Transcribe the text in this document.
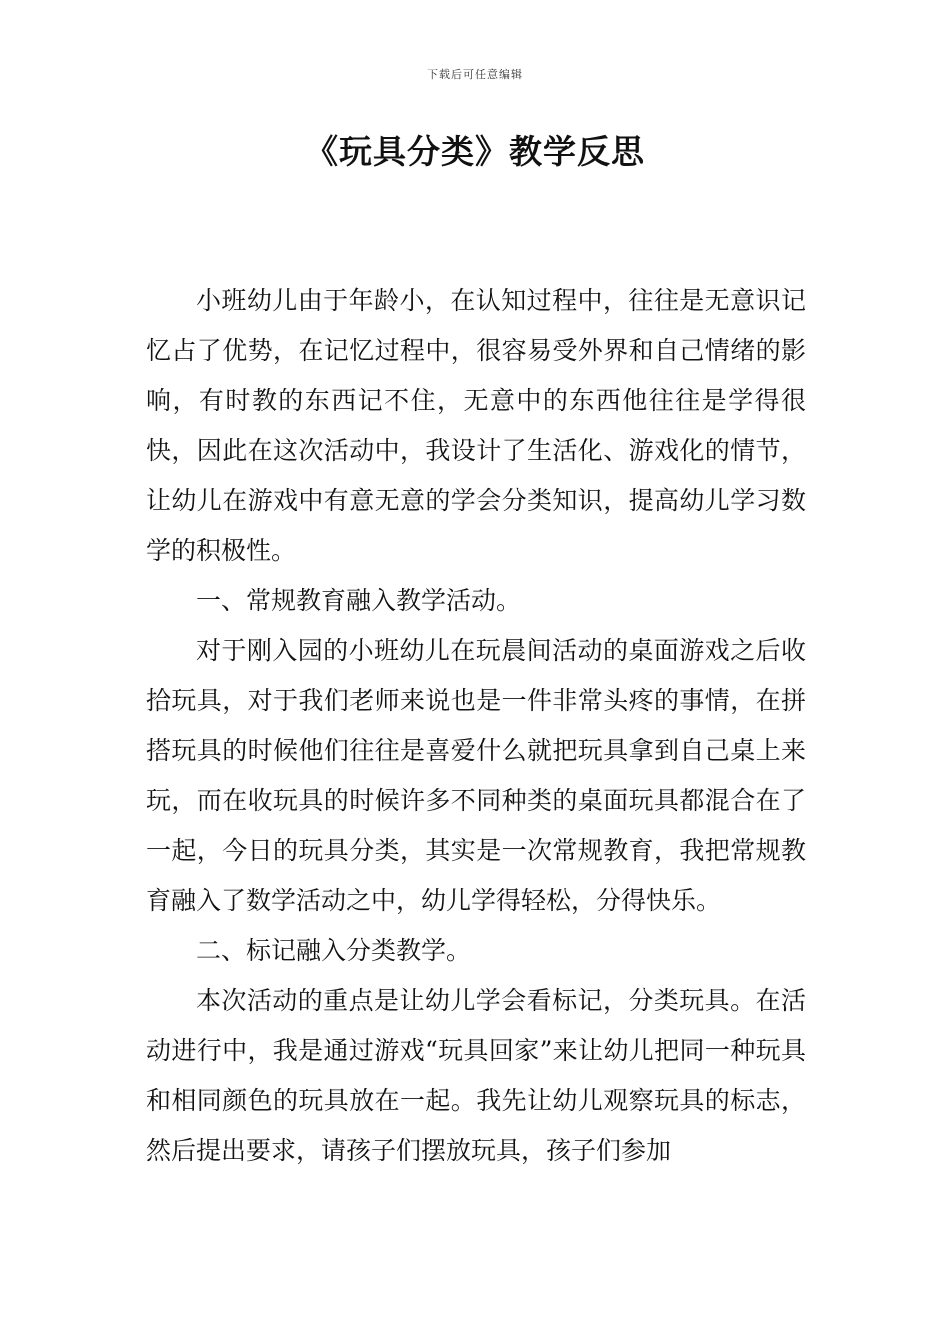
下载后可任意编辑
《玩具分类》教学反思

小班幼儿由于年龄小，在认知过程中，往往是无意识记忆占了优势，在记忆过程中，很容易受外界和自己情绪的影响，有时教的东西记不住，无意中的东西他往往是学得很快，因此在这次活动中，我设计了生活化、游戏化的情节，让幼儿在游戏中有意无意的学会分类知识，提高幼儿学习数学的积极性。

一、常规教育融入教学活动。

对于刚入园的小班幼儿在玩晨间活动的桌面游戏之后收拾玩具，对于我们老师来说也是一件非常头疼的事情，在拼搭玩具的时候他们往往是喜爱什么就把玩具拿到自己桌上来玩，而在收玩具的时候许多不同种类的桌面玩具都混合在了一起，今日的玩具分类，其实是一次常规教育，我把常规教育融入了数学活动之中，幼儿学得轻松，分得快乐。

二、标记融入分类教学。

本次活动的重点是让幼儿学会看标记，分类玩具。在活动进行中，我是通过游戏“玩具回家”来让幼儿把同一种玩具和相同颜色的玩具放在一起。我先让幼儿观察玩具的标志，然后提出要求，请孩子们摆放玩具，孩子们参加
